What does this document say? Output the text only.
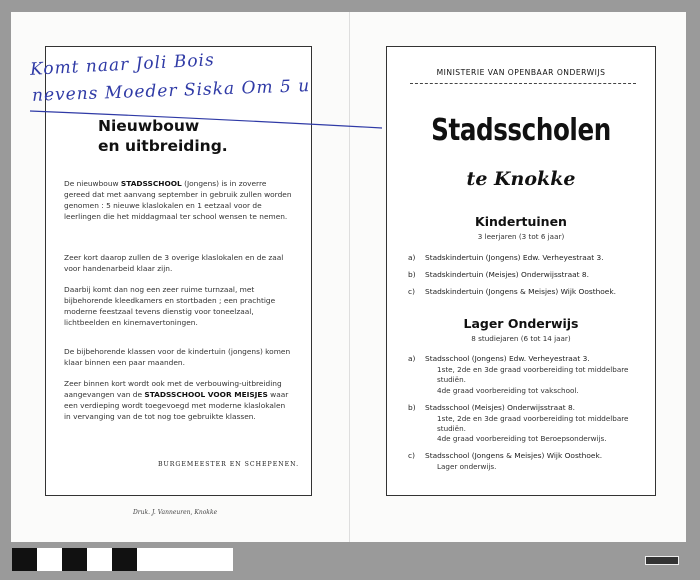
Komt naar Joli Bois
nevens Moeder Siska Om 5 u
Nieuwbouw
en uitbreiding.

De nieuwbouw STADSSCHOOL (Jongens) is in zoverre gereed dat met aanvang september in gebruik zullen worden genomen : 5 nieuwe klaslokalen en 1 eetzaal voor de leerlingen die het middagmaal ter school wensen te nemen.

Zeer kort daarop zullen de 3 overige klaslokalen en de zaal voor handenarbeid klaar zijn.

Daarbij komt dan nog een zeer ruime turnzaal, met bijbehorende kleedkamers en stortbaden ; een prachtige moderne feestzaal tevens dienstig voor toneelzaal, lichtbeelden en kinemavertoningen.

De bijbehorende klassen voor de kindertuin (jongens) komen klaar binnen een paar maanden.

Zeer binnen kort wordt ook met de verbouwing-uitbreiding aangevangen van de STADSSCHOOL VOOR MEISJES waar een verdieping wordt toegevoegd met moderne klaslokalen in vervanging van de tot nog toe gebruikte klassen.

BURGEMEESTER EN SCHEPENEN.
Druk. J. Vanneuren, Knokke
MINISTERIE VAN OPENBAAR ONDERWIJS
Stadsscholen
te Knokke
Kindertuinen
3 leerjaren (3 tot 6 jaar)
a) Stadskindertuin (Jongens) Edw. Verheyestraat 3.
b) Stadskindertuin (Meisjes) Onderwijsstraat 8.
c) Stadskindertuin (Jongens & Meisjes) Wijk Oosthoek.
Lager Onderwijs
8 studiejaren (6 tot 14 jaar)
a) Stadsschool (Jongens) Edw. Verheyestraat 3.
1ste, 2de en 3de graad voorbereiding tot middelbare studiën.
4de graad voorbereiding tot vakschool.
b) Stadsschool (Meisjes) Onderwijsstraat 8.
1ste, 2de en 3de graad voorbereiding tot middelbare studiën.
4de graad voorbereiding tot Beroepsonderwijs.
c) Stadsschool (Jongens & Meisjes) Wijk Oosthoek.
Lager onderwijs.
